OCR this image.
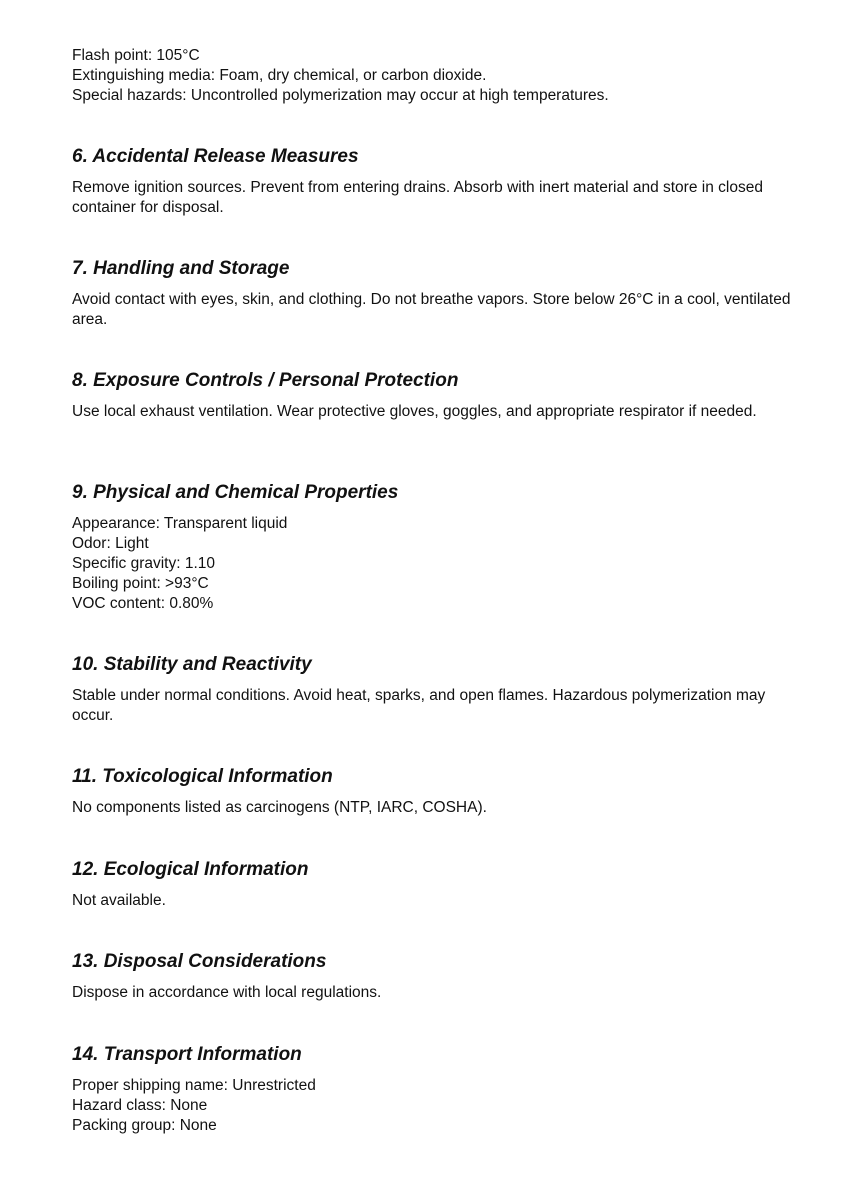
Flash point: 105°C

Extinguishing media: Foam, dry chemical, or carbon dioxide.

Special hazards: Uncontrolled polymerization may occur at high temperatures.

6. Accidental Release Measures

Remove ignition sources. Prevent from entering drains. Absorb with inert material and store in closed container for disposal.

7. Handling and Storage

Avoid contact with eyes, skin, and clothing. Do not breathe vapors. Store below 26°C in a cool, ventilated area.

8. Exposure Controls / Personal Protection

Use local exhaust ventilation. Wear protective gloves, goggles, and appropriate respirator if needed.

9. Physical and Chemical Properties

Appearance: Transparent liquid

Odor: Light

Specific gravity: 1.10

Boiling point: >93°C

VOC content: 0.80%

10. Stability and Reactivity

Stable under normal conditions. Avoid heat, sparks, and open flames. Hazardous polymerization may occur.

11. Toxicological Information

No components listed as carcinogens (NTP, IARC, COSHA).

12. Ecological Information

Not available.

13. Disposal Considerations

Dispose in accordance with local regulations.

14. Transport Information

Proper shipping name: Unrestricted

Hazard class: None

Packing group: None
